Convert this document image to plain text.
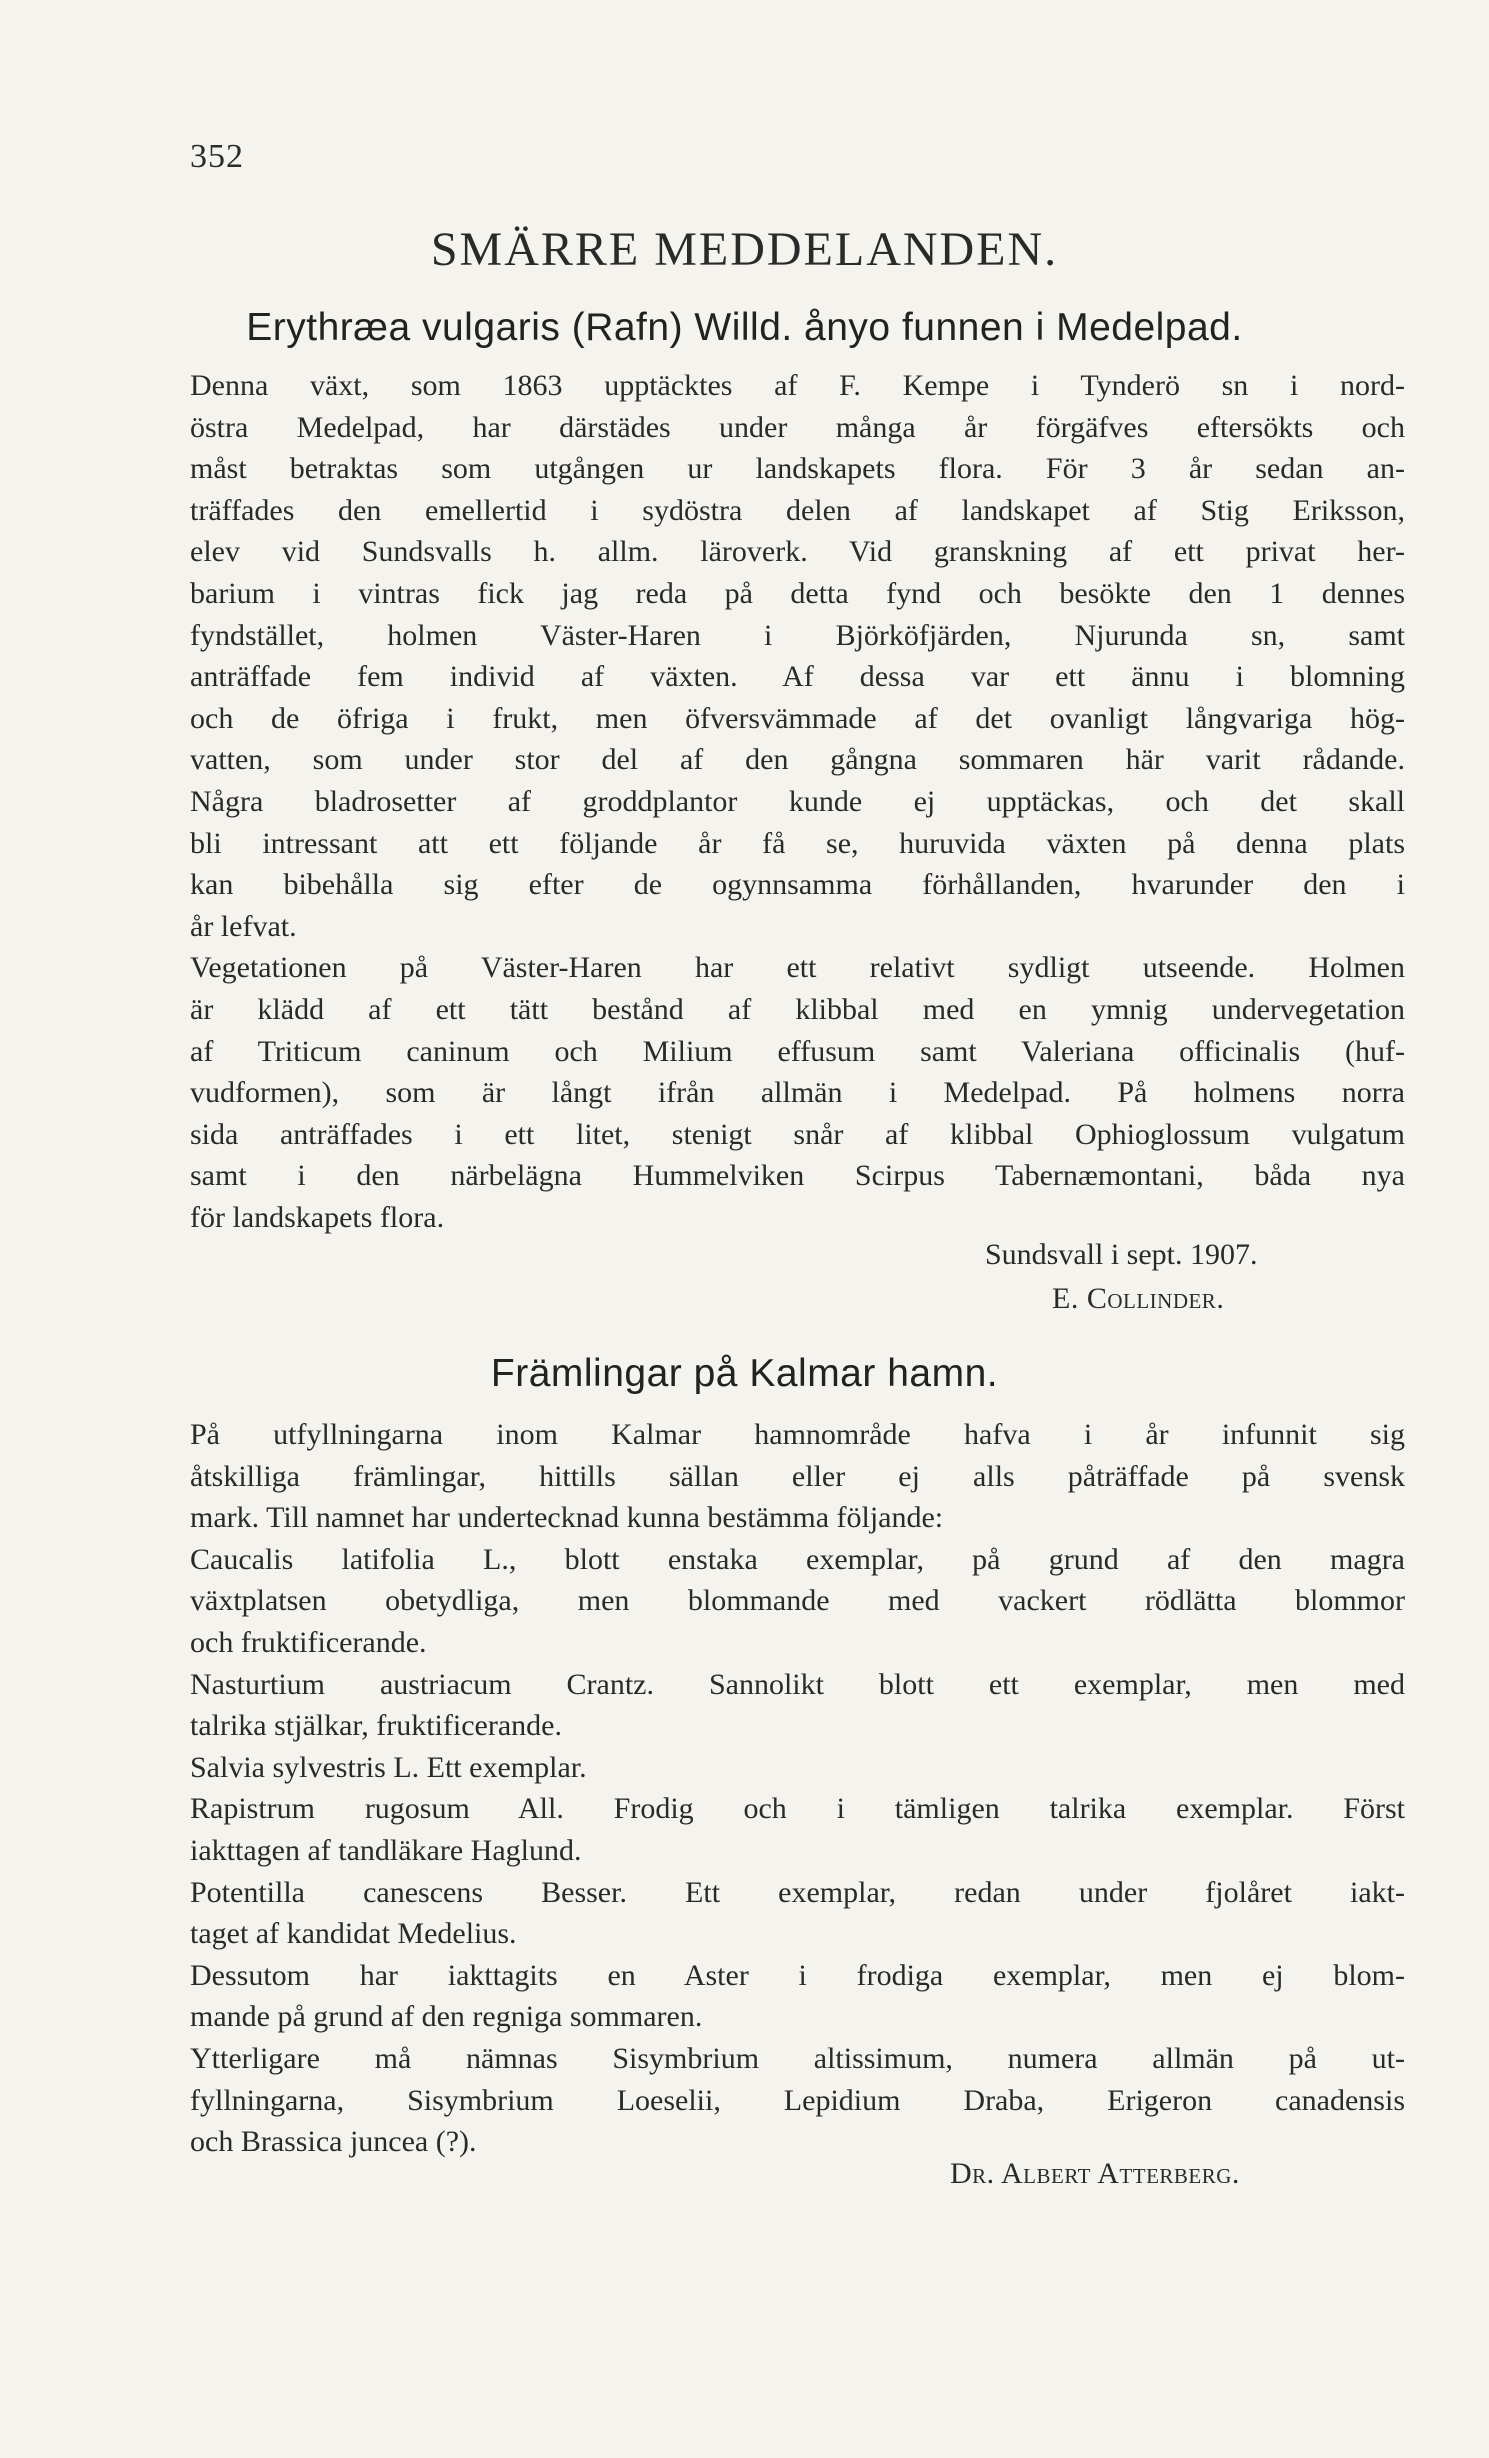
352
SMÄRRE MEDDELANDEN.
Erythræa vulgaris (Rafn) Willd. ånyo funnen i Medelpad.
Denna växt, som 1863 upptäcktes af F. Kempe i Tynderö sn i nord-
östra Medelpad, har därstädes under många år förgäfves eftersökts och
måst betraktas som utgången ur landskapets flora. För 3 år sedan an-
träffades den emellertid i sydöstra delen af landskapet af Stig Eriksson,
elev vid Sundsvalls h. allm. läroverk. Vid granskning af ett privat her-
barium i vintras fick jag reda på detta fynd och besökte den 1 dennes
fyndstället, holmen Väster-Haren i Björköfjärden, Njurunda sn, samt
anträffade fem individ af växten. Af dessa var ett ännu i blomning
och de öfriga i frukt, men öfversvämmade af det ovanligt långvariga hög-
vatten, som under stor del af den gångna sommaren här varit rådande.
Några bladrosetter af groddplantor kunde ej upptäckas, och det skall
bli intressant att ett följande år få se, huruvida växten på denna plats
kan bibehålla sig efter de ogynnsamma förhållanden, hvarunder den i
år lefvat.
Vegetationen på Väster-Haren har ett relativt sydligt utseende. Holmen
är klädd af ett tätt bestånd af klibbal med en ymnig undervegetation
af Triticum caninum och Milium effusum samt Valeriana officinalis (huf-
vudformen), som är långt ifrån allmän i Medelpad. På holmens norra
sida anträffades i ett litet, stenigt snår af klibbal Ophioglossum vulgatum
samt i den närbelägna Hummelviken Scirpus Tabernæmontani, båda nya
för landskapets flora.
Sundsvall i sept. 1907.
E. Collinder.
Främlingar på Kalmar hamn.
På utfyllningarna inom Kalmar hamnområde hafva i år infunnit sig
åtskilliga främlingar, hittills sällan eller ej alls påträffade på svensk
mark. Till namnet har undertecknad kunna bestämma följande:
Caucalis latifolia L., blott enstaka exemplar, på grund af den magra
växtplatsen obetydliga, men blommande med vackert rödlätta blommor
och fruktificerande.
Nasturtium austriacum Crantz. Sannolikt blott ett exemplar, men med
talrika stjälkar, fruktificerande.
Salvia sylvestris L. Ett exemplar.
Rapistrum rugosum All. Frodig och i tämligen talrika exemplar. Först
iakttagen af tandläkare Haglund.
Potentilla canescens Besser. Ett exemplar, redan under fjolåret iakt-
taget af kandidat Medelius.
Dessutom har iakttagits en Aster i frodiga exemplar, men ej blom-
mande på grund af den regniga sommaren.
Ytterligare må nämnas Sisymbrium altissimum, numera allmän på ut-
fyllningarna, Sisymbrium Loeselii, Lepidium Draba, Erigeron canadensis
och Brassica juncea (?).
Dr. Albert Atterberg.
